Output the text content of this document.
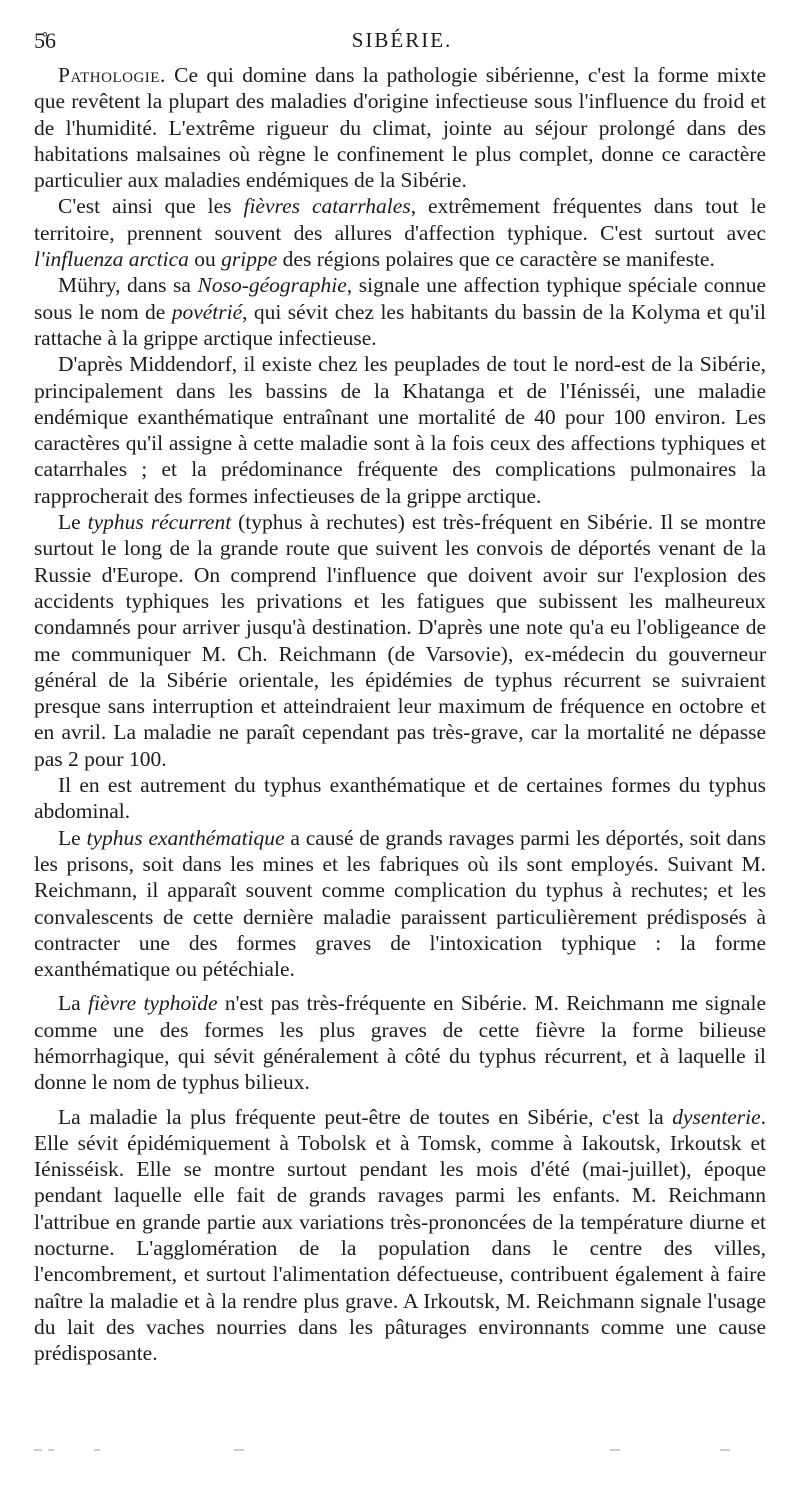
5̊6	SIBÉRIE.

Pathologie. Ce qui domine dans la pathologie sibérienne, c'est la forme mixte que revêtent la plupart des maladies d'origine infectieuse sous l'influence du froid et de l'humidité. L'extrême rigueur du climat, jointe au séjour prolongé dans des habitations malsaines où règne le confinement le plus complet, donne ce caractère particulier aux maladies endémiques de la Sibérie.

C'est ainsi que les fièvres catarrhales, extrêmement fréquentes dans tout le territoire, prennent souvent des allures d'affection typhique. C'est surtout avec l'influenza arctica ou grippe des régions polaires que ce caractère se manifeste.

Mühry, dans sa Noso-géographie, signale une affection typhique spéciale connue sous le nom de povétrié, qui sévit chez les habitants du bassin de la Kolyma et qu'il rattache à la grippe arctique infectieuse.

D'après Middendorf, il existe chez les peuplades de tout le nord-est de la Sibérie, principalement dans les bassins de la Khatanga et de l'Iénisséi, une maladie endémique exanthématique entraînant une mortalité de 40 pour 100 environ. Les caractères qu'il assigne à cette maladie sont à la fois ceux des affections typhiques et catarrhales ; et la prédominance fréquente des complications pulmonaires la rapprocherait des formes infectieuses de la grippe arctique.

Le typhus récurrent (typhus à rechutes) est très-fréquent en Sibérie. Il se montre surtout le long de la grande route que suivent les convois de déportés venant de la Russie d'Europe. On comprend l'influence que doivent avoir sur l'explosion des accidents typhiques les privations et les fatigues que subissent les malheureux condamnés pour arriver jusqu'à destination. D'après une note qu'a eu l'obligeance de me communiquer M. Ch. Reichmann (de Varsovie), ex-médecin du gouverneur général de la Sibérie orientale, les épidémies de typhus récurrent se suivraient presque sans interruption et atteindraient leur maximum de fréquence en octobre et en avril. La maladie ne paraît cependant pas très-grave, car la mortalité ne dépasse pas 2 pour 100.

Il en est autrement du typhus exanthématique et de certaines formes du typhus abdominal.

Le typhus exanthématique a causé de grands ravages parmi les déportés, soit dans les prisons, soit dans les mines et les fabriques où ils sont employés. Suivant M. Reichmann, il apparaît souvent comme complication du typhus à rechutes; et les convalescents de cette dernière maladie paraissent particulièrement prédisposés à contracter une des formes graves de l'intoxication typhique : la forme exanthématique ou pétéchiale.

La fièvre typhoïde n'est pas très-fréquente en Sibérie. M. Reichmann me signale comme une des formes les plus graves de cette fièvre la forme bilieuse hémorrhagique, qui sévit généralement à côté du typhus récurrent, et à laquelle il donne le nom de typhus bilieux.

La maladie la plus fréquente peut-être de toutes en Sibérie, c'est la dysenterie. Elle sévit épidémiquement à Tobolsk et à Tomsk, comme à Iakoutsk, Irkoutsk et Iénisséisk. Elle se montre surtout pendant les mois d'été (mai-juillet), époque pendant laquelle elle fait de grands ravages parmi les enfants. M. Reichmann l'attribue en grande partie aux variations très-prononcées de la température diurne et nocturne. L'agglomération de la population dans le centre des villes, l'encombrement, et surtout l'alimentation défectueuse, contribuent également à faire naître la maladie et à la rendre plus grave. A Irkoutsk, M. Reichmann signale l'usage du lait des vaches nourries dans les pâturages environnants comme une cause prédisposante.
